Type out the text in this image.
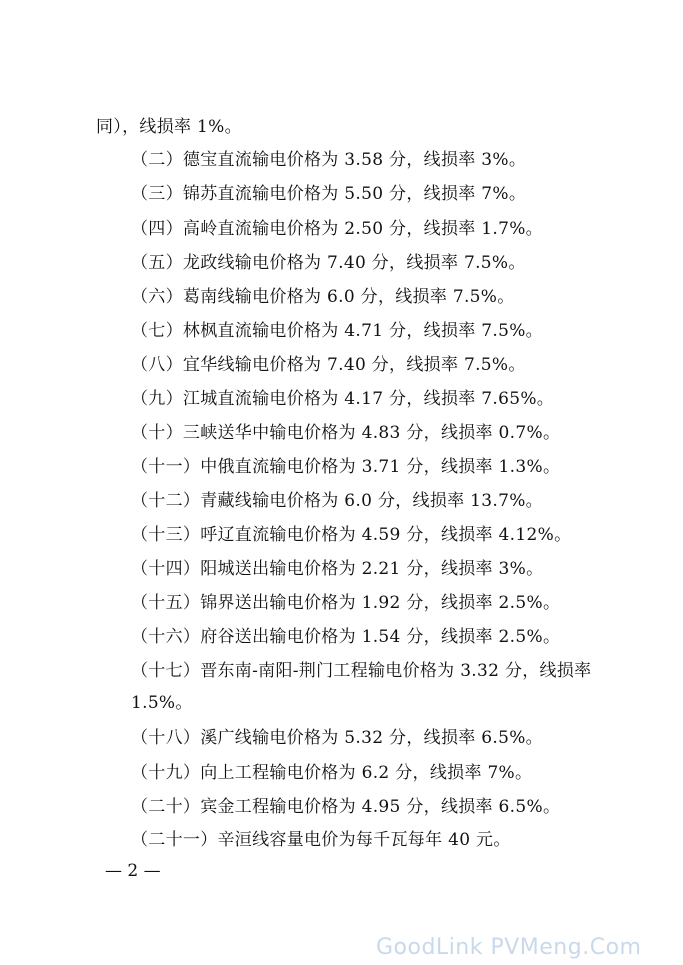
同），线损率 1%。
（二）德宝直流输电价格为 3.58 分，线损率 3%。
（三）锦苏直流输电价格为 5.50 分，线损率 7%。
（四）高岭直流输电价格为 2.50 分，线损率 1.7%。
（五）龙政线输电价格为 7.40 分，线损率 7.5%。
（六）葛南线输电价格为 6.0 分，线损率 7.5%。
（七）林枫直流输电价格为 4.71 分，线损率 7.5%。
（八）宜华线输电价格为 7.40 分，线损率 7.5%。
（九）江城直流输电价格为 4.17 分，线损率 7.65%。
（十）三峡送华中输电价格为 4.83 分，线损率 0.7%。
（十一）中俄直流输电价格为 3.71 分，线损率 1.3%。
（十二）青藏线输电价格为 6.0 分，线损率 13.7%。
（十三）呼辽直流输电价格为 4.59 分，线损率 4.12%。
（十四）阳城送出输电价格为 2.21 分，线损率 3%。
（十五）锦界送出输电价格为 1.92 分，线损率 2.5%。
（十六）府谷送出输电价格为 1.54 分，线损率 2.5%。
（十七）晋东南-南阳-荆门工程输电价格为 3.32 分，线损率
1.5%。
（十八）溪广线输电价格为 5.32 分，线损率 6.5%。
（十九）向上工程输电价格为 6.2 分，线损率 7%。
（二十）宾金工程输电价格为 4.95 分，线损率 6.5%。
（二十一）辛洹线容量电价为每千瓦每年 40 元。
— 2 —
GoodLink PVMeng.Com
